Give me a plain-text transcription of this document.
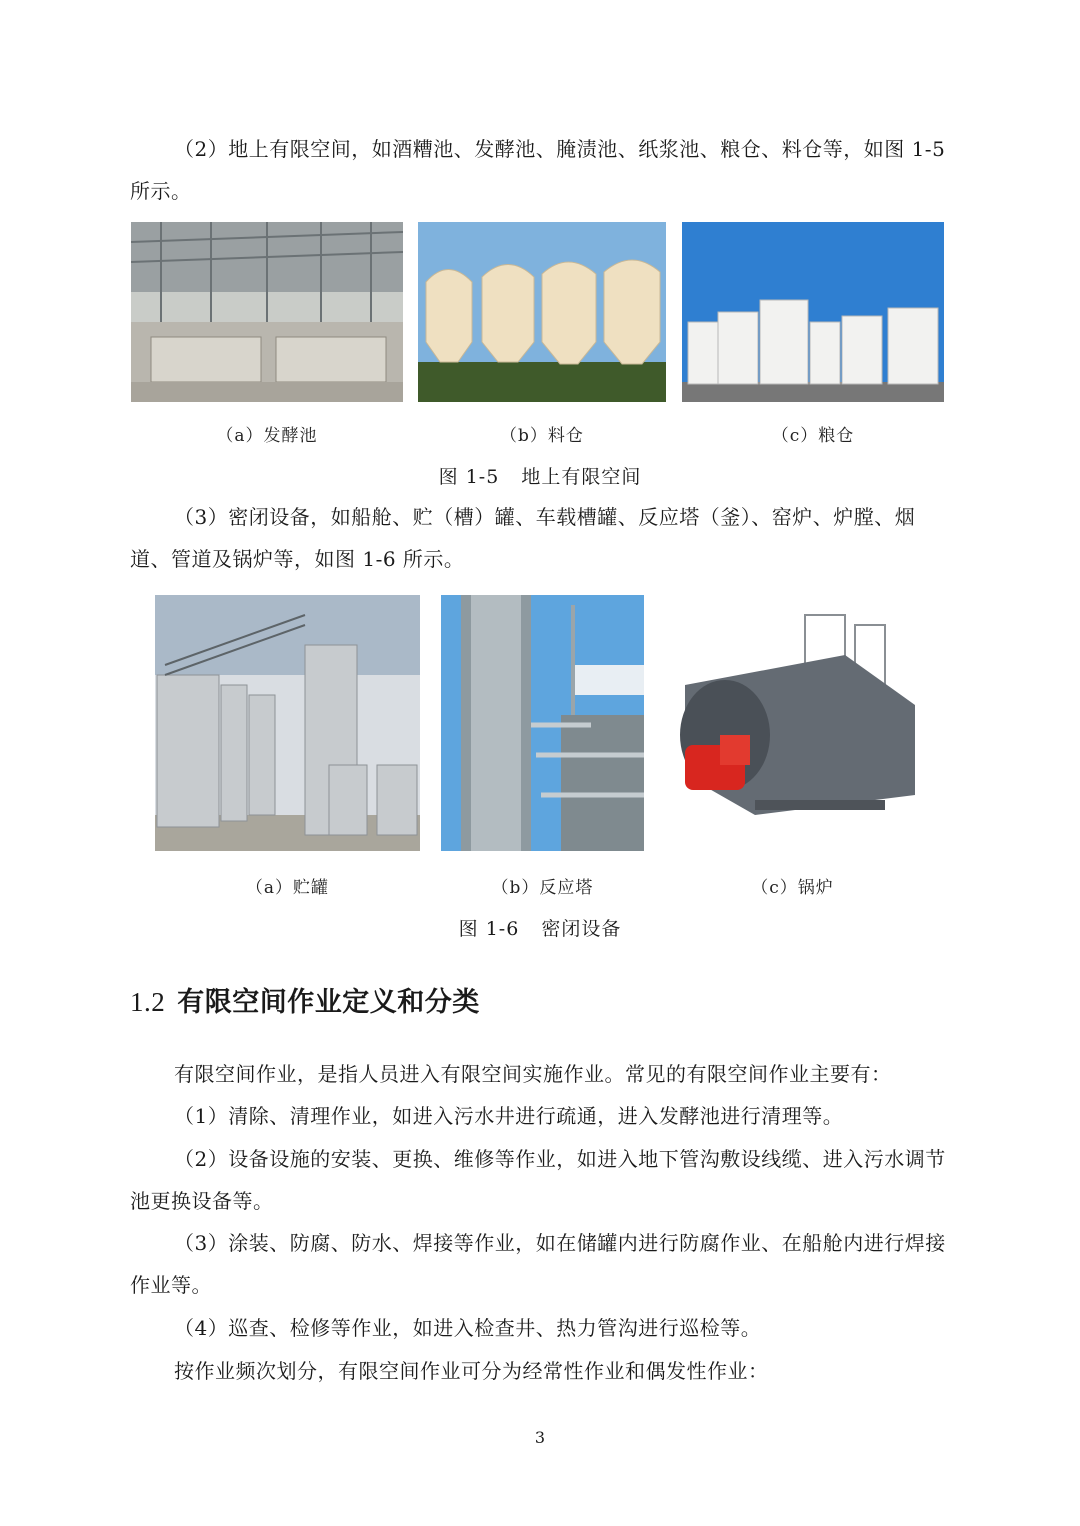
（2）地上有限空间，如酒糟池、发酵池、腌渍池、纸浆池、粮仓、料仓等，如图 1-5 所示。
（a）发酵池	（b）料仓	（c）粮仓
图 1-5 地上有限空间
（3）密闭设备，如船舱、贮（槽）罐、车载槽罐、反应塔（釜）、窑炉、炉膛、烟道、管道及锅炉等，如图 1-6 所示。
（a）贮罐	（b）反应塔	（c）锅炉
图 1-6 密闭设备
1.2 有限空间作业定义和分类
有限空间作业，是指人员进入有限空间实施作业。常见的有限空间作业主要有：
（1）清除、清理作业，如进入污水井进行疏通，进入发酵池进行清理等。
（2）设备设施的安装、更换、维修等作业，如进入地下管沟敷设线缆、进入污水调节池更换设备等。
（3）涂装、防腐、防水、焊接等作业，如在储罐内进行防腐作业、在船舱内进行焊接作业等。
（4）巡查、检修等作业，如进入检查井、热力管沟进行巡检等。
按作业频次划分，有限空间作业可分为经常性作业和偶发性作业：
3
